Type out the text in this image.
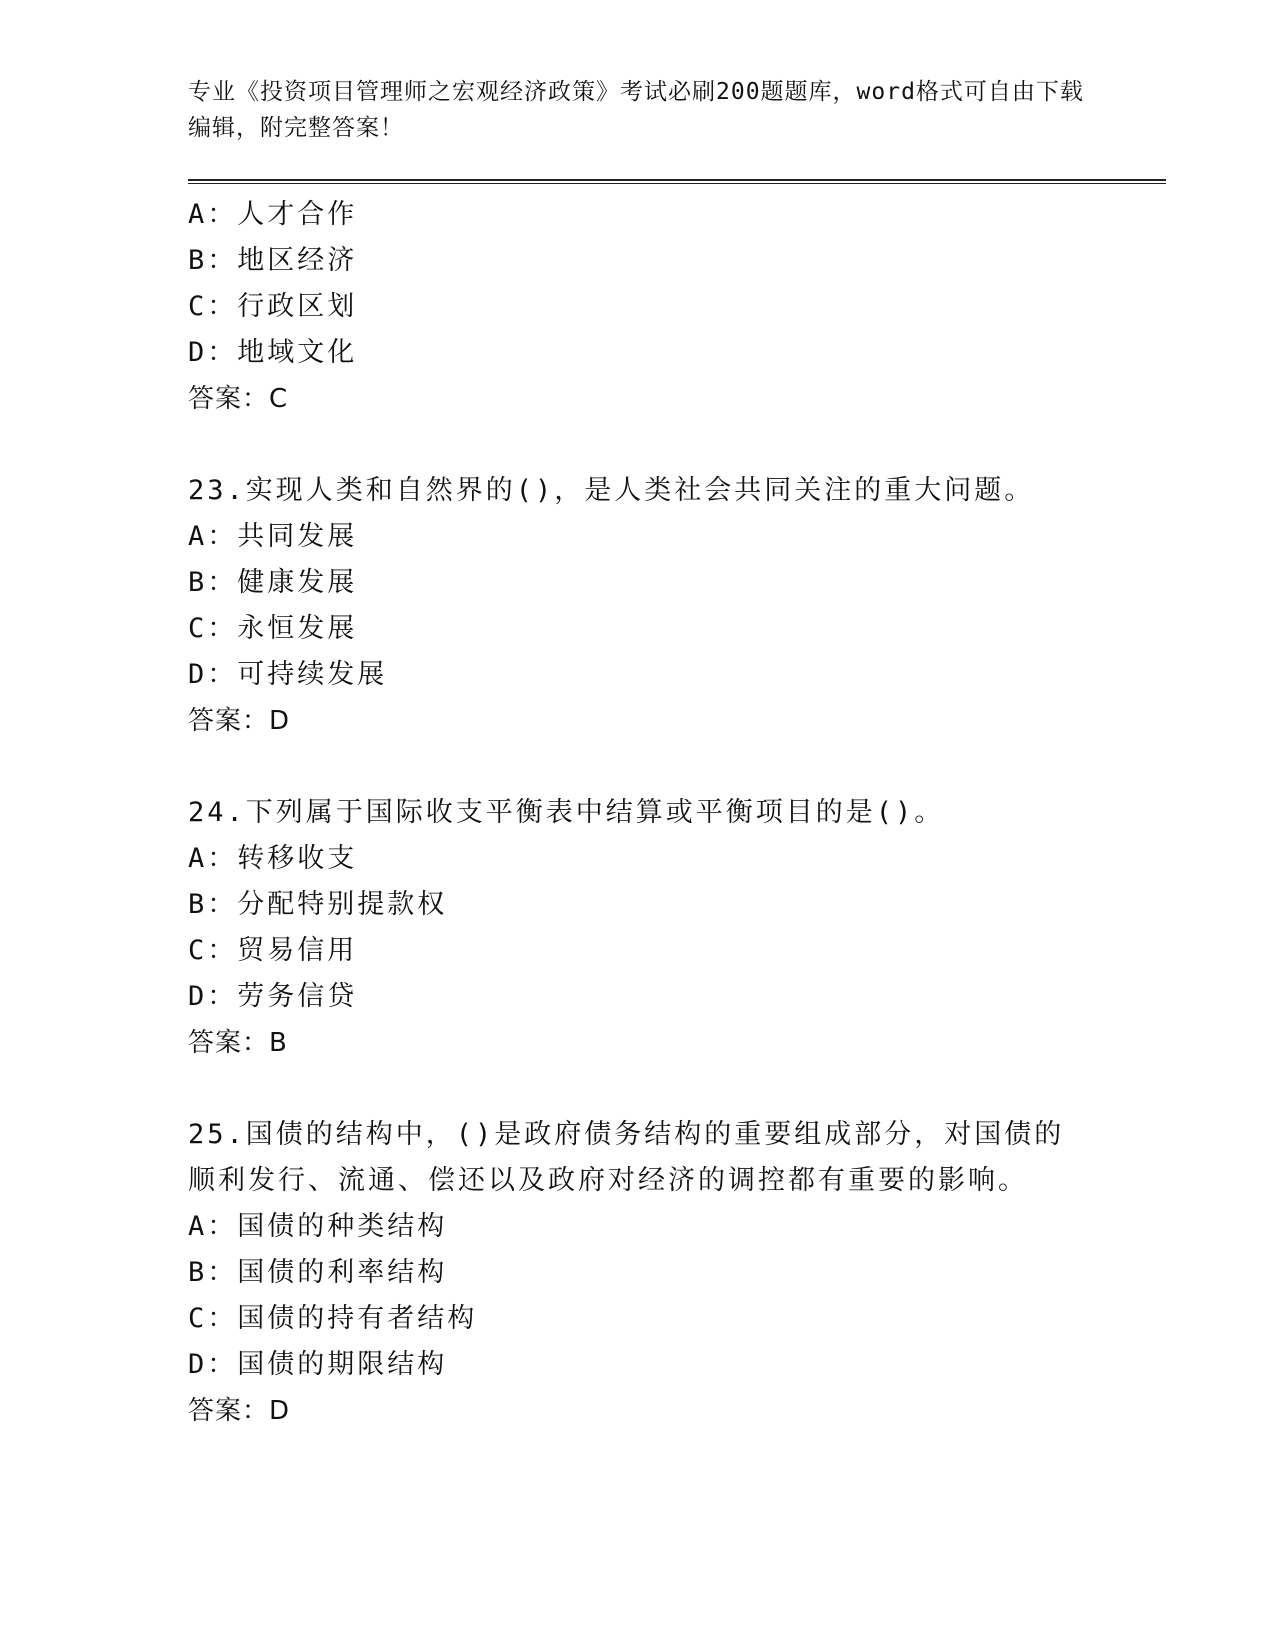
专业《投资项目管理师之宏观经济政策》考试必刷200题题库，word格式可自由下载编辑，附完整答案！
A：人才合作
B：地区经济
C：行政区划
D：地域文化
答案：C
23.实现人类和自然界的()，是人类社会共同关注的重大问题。
A：共同发展
B：健康发展
C：永恒发展
D：可持续发展
答案：D
24.下列属于国际收支平衡表中结算或平衡项目的是()。
A：转移收支
B：分配特别提款权
C：贸易信用
D：劳务信贷
答案：B
25.国债的结构中，()是政府债务结构的重要组成部分，对国债的顺利发行、流通、偿还以及政府对经济的调控都有重要的影响。
A：国债的种类结构
B：国债的利率结构
C：国债的持有者结构
D：国债的期限结构
答案：D
